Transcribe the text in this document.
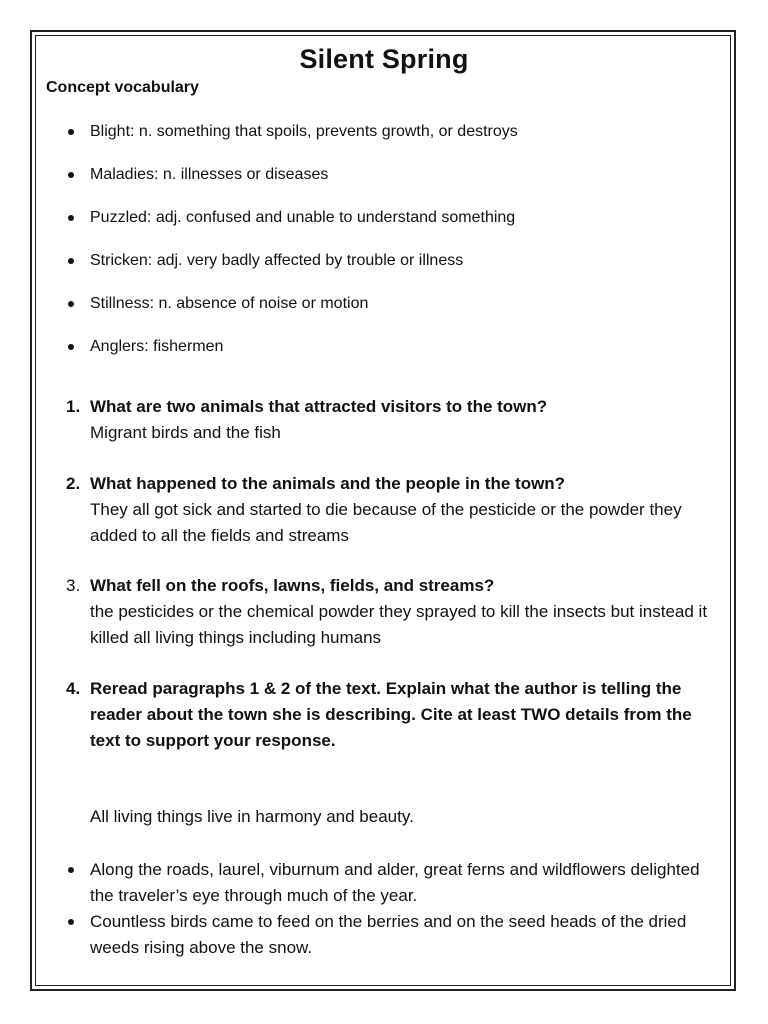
Silent Spring
Concept vocabulary
Blight: n. something that spoils, prevents growth, or destroys
Maladies: n. illnesses or diseases
Puzzled: adj. confused and unable to understand something
Stricken: adj. very badly affected by trouble or illness
Stillness: n. absence of noise or motion
Anglers: fishermen
1. What are two animals that attracted visitors to the town?
Migrant birds and the fish
2. What happened to the animals and the people in the town?
They all got sick and started to die because of the pesticide or the powder they added to all the fields and streams
3. What fell on the roofs, lawns, fields, and streams?
the pesticides or the chemical powder they sprayed to kill the insects but instead it killed all living things including humans
4. Reread paragraphs 1 & 2 of the text. Explain what the author is telling the reader about the town she is describing. Cite at least TWO details from the text to support your response.
All living things live in harmony and beauty.
Along the roads, laurel, viburnum and alder, great ferns and wildflowers delighted the traveler’s eye through much of the year.
Countless birds came to feed on the berries and on the seed heads of the dried weeds rising above the snow.
